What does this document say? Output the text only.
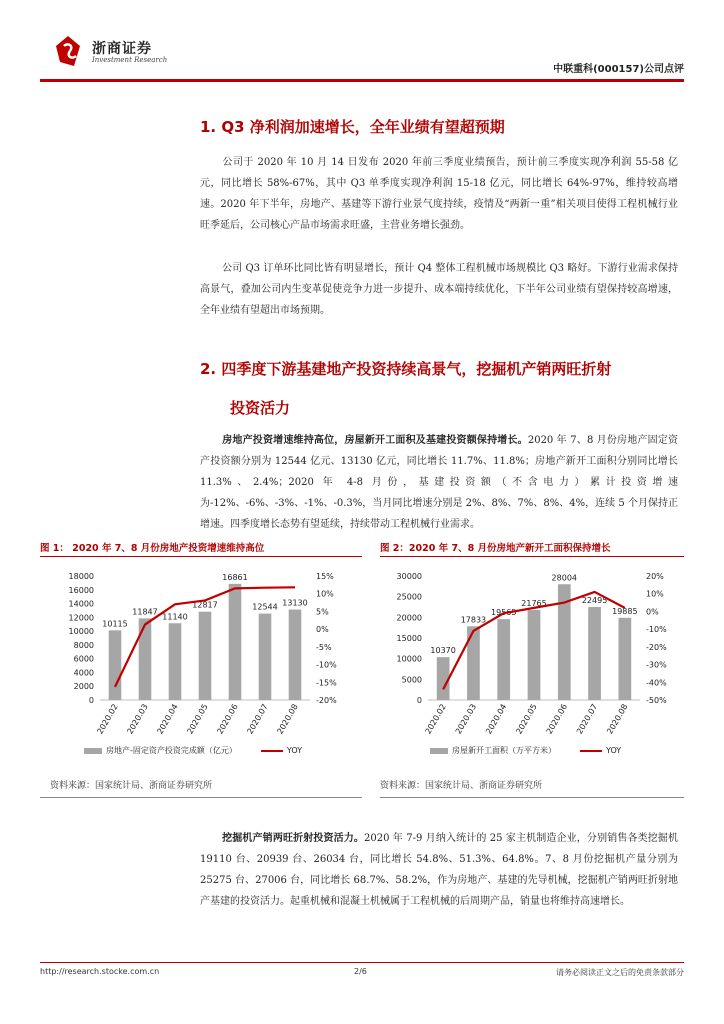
浙商证券
Investment Research
中联重科(000157)公司点评
1. Q3 净利润加速增长，全年业绩有望超预期
公司于 2020 年 10 月 14 日发布 2020 年前三季度业绩预告，预计前三季度实现净利润 55-58 亿元，同比增长 58%-67%，其中 Q3 单季度实现净利润 15-18 亿元，同比增长 64%-97%，维持较高增速。2020 年下半年，房地产、基建等下游行业景气度持续，疫情及“两新一重”相关项目使得工程机械行业旺季延后，公司核心产品市场需求旺盛，主营业务增长强劲。
公司 Q3 订单环比同比皆有明显增长，预计 Q4 整体工程机械市场规模比 Q3 略好。下游行业需求保持高景气，叠加公司内生变革促使竞争力进一步提升、成本端持续优化，下半年公司业绩有望保持较高增速，全年业绩有望超出市场预期。
2. 四季度下游基建地产投资持续高景气，挖掘机产销两旺折射
投资活力
房地产投资增速维持高位，房屋新开工面积及基建投资额保持增长。2020 年 7、8 月份房地产固定资产投资额分别为 12544 亿元、13130 亿元，同比增长 11.7%、11.8%；房地产新开工面积分别同比增长 11.3%、2.4%；2020 年 4-8 月份，基建投资额（不含电力）累计投资增速为-12%、-6%、-3%、-1%、-0.3%，当月同比增速分别是 2%、8%、7%、8%、4%，连续 5 个月保持正增速。四季度增长态势有望延续，持续带动工程机械行业需求。
图 1： 2020 年 7、8 月份房地产投资增速维持高位
0
2000
4000
6000
8000
10000
12000
14000
16000
18000
-20%
-15%
-10%
-5%
0%
5%
10%
15%
10115
2020.02
11847
2020.03
11140
2020.04
12817
2020.05
16861
2020.06
12544
2020.07
13130
2020.08
房地产-固定资产投资完成额（亿元）	YOY
资料来源：国家统计局、浙商证券研究所
图 2：2020 年 7、8 月份房地产新开工面积保持增长
0
5000
10000
15000
20000
25000
30000
-50%
-40%
-30%
-20%
-10%
0%
10%
20%
10370
2020.02
17833
2020.03
19565
2020.04
21765
2020.05
28004
2020.06
22495
2020.07
19885
2020.08
房屋新开工面积（万平方米）	YOY
资料来源：国家统计局、浙商证券研究所
挖掘机产销两旺折射投资活力。2020 年 7-9 月纳入统计的 25 家主机制造企业，分别销售各类挖掘机 19110 台、20939 台、26034 台，同比增长 54.8%、51.3%、64.8%。7、8 月份挖掘机产量分别为 25275 台、27006 台，同比增长 68.7%、58.2%，作为房地产、基建的先导机械，挖掘机产销两旺折射地产基建的投资活力。起重机械和混凝土机械属于工程机械的后周期产品，销量也将维持高速增长。
http://research.stocke.com.cn	2/6	请务必阅读正文之后的免责条款部分
